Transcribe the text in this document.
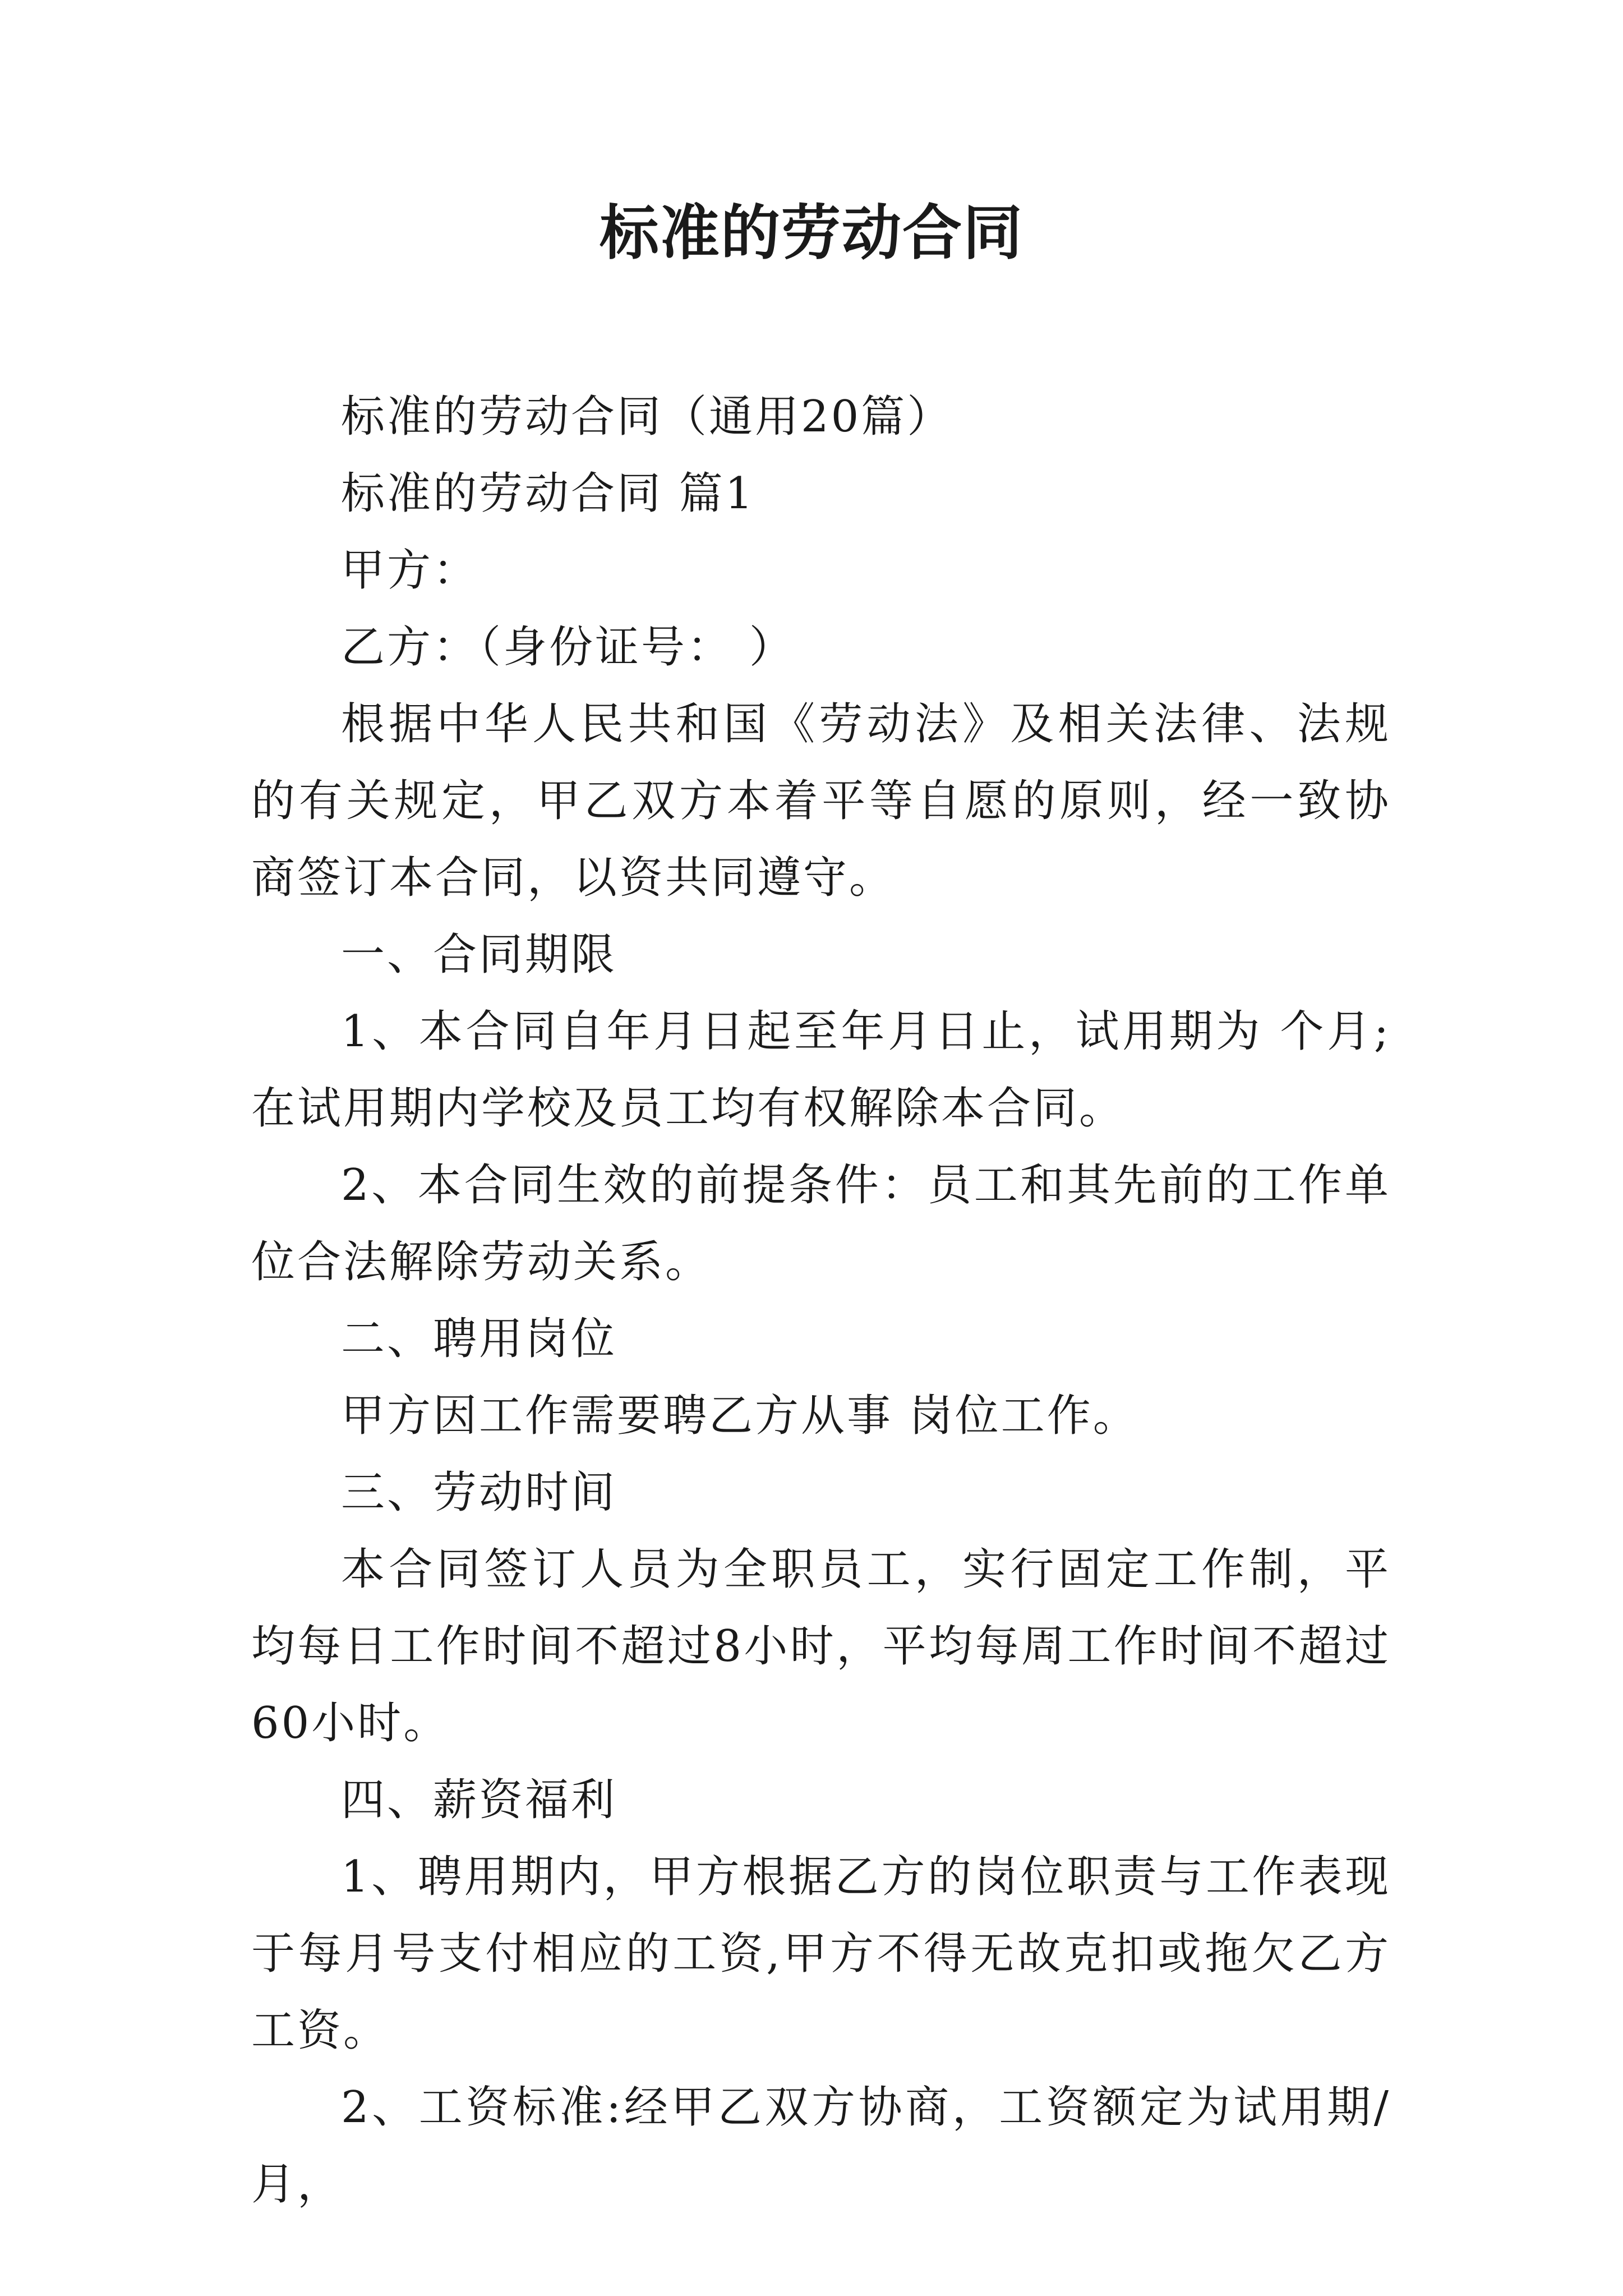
标准的劳动合同

标准的劳动合同（通用20篇）

标准的劳动合同 篇1

甲方：

乙方：（身份证号： ）

根据中华人民共和国《劳动法》及相关法律、法规的有关规定，甲乙双方本着平等自愿的原则，经一致协商签订本合同，以资共同遵守。

一、合同期限

1、本合同自年月日起至年月日止，试用期为 个月;在试用期内学校及员工均有权解除本合同。

2、本合同生效的前提条件：员工和其先前的工作单位合法解除劳动关系。

二、聘用岗位

甲方因工作需要聘乙方从事 岗位工作。

三、劳动时间

本合同签订人员为全职员工，实行固定工作制，平均每日工作时间不超过8小时，平均每周工作时间不超过60小时。

四、薪资福利

1、聘用期内，甲方根据乙方的岗位职责与工作表现于每月号支付相应的工资,甲方不得无故克扣或拖欠乙方工资。

2、工资标准:经甲乙双方协商，工资额定为试用期/月，
